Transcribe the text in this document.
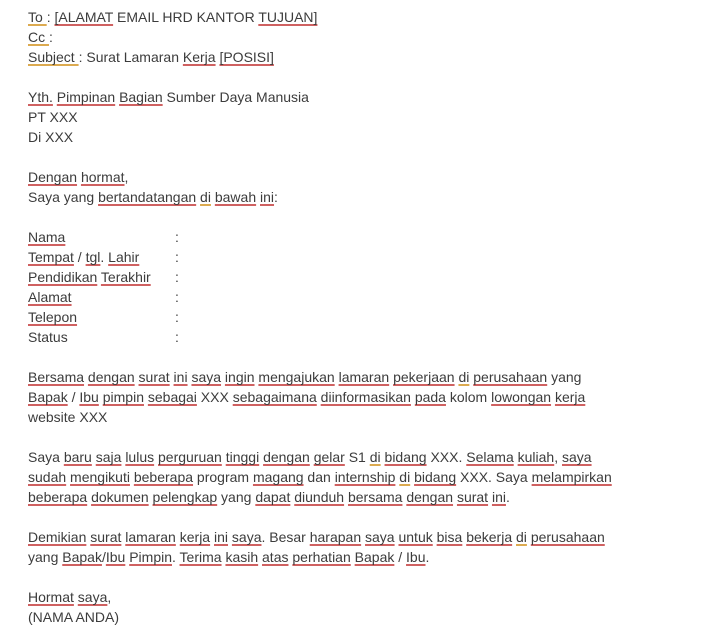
To : [ALAMAT EMAIL HRD KANTOR TUJUAN]
Cc :
Subject : Surat Lamaran Kerja [POSISI]
Yth. Pimpinan Bagian Sumber Daya Manusia
PT XXX
Di XXX
Dengan hormat,
Saya yang bertandatangan di bawah ini:
Nama	:
Tempat / tgl. Lahir	:
Pendidikan Terakhir :
Alamat	:
Telepon	:
Status	:
Bersama dengan surat ini saya ingin mengajukan lamaran pekerjaan di perusahaan yang
Bapak / Ibu pimpin sebagai XXX sebagaimana diinformasikan pada kolom lowongan kerja
website XXX
Saya baru saja lulus perguruan tinggi dengan gelar S1 di bidang XXX. Selama kuliah, saya
sudah mengikuti beberapa program magang dan internship di bidang XXX. Saya melampirkan
beberapa dokumen pelengkap yang dapat diunduh bersama dengan surat ini.
Demikian surat lamaran kerja ini saya. Besar harapan saya untuk bisa bekerja di perusahaan
yang Bapak/Ibu Pimpin. Terima kasih atas perhatian Bapak / Ibu.
Hormat saya,
(NAMA ANDA)
